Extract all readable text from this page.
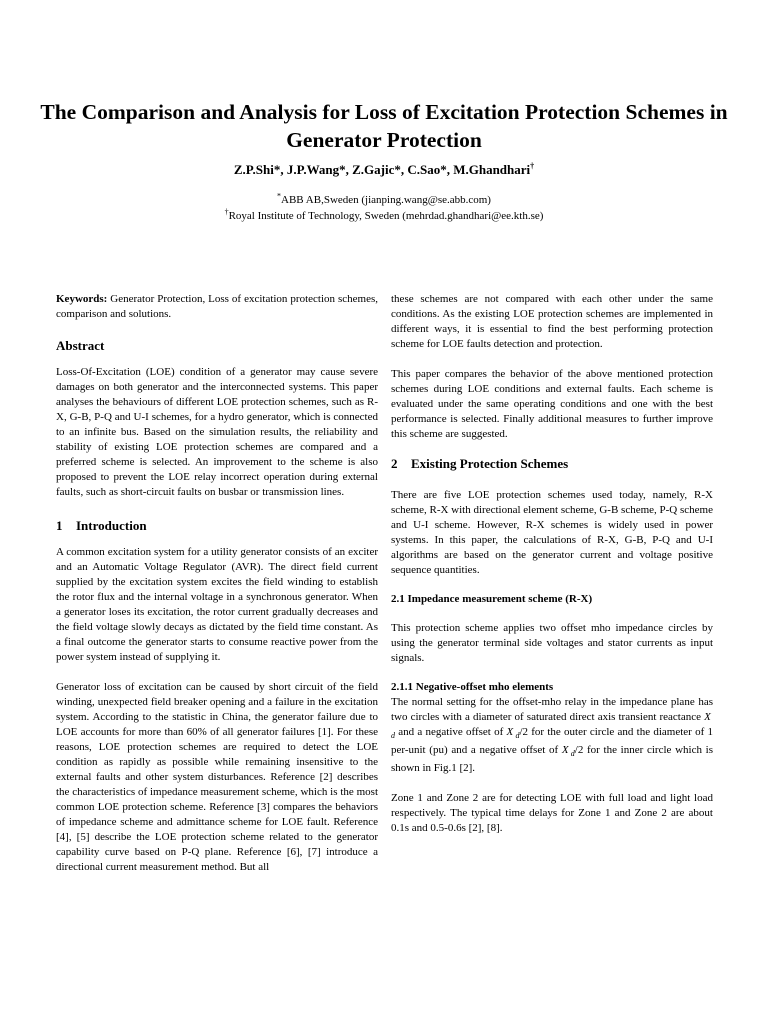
The Comparison and Analysis for Loss of Excitation Protection Schemes in Generator Protection
Z.P.Shi*, J.P.Wang*, Z.Gajic*, C.Sao*, M.Ghandhari†
*ABB AB,Sweden (jianping.wang@se.abb.com)
†Royal Institute of Technology, Sweden (mehrdad.ghandhari@ee.kth.se)

Keywords: Generator Protection, Loss of excitation protection schemes, comparison and solutions.

Abstract

Loss-Of-Excitation (LOE) condition of a generator may cause severe damages on both generator and the interconnected systems. This paper analyses the behaviours of different LOE protection schemes, such as R-X, G-B, P-Q and U-I schemes, for a hydro generator, which is connected to an infinite bus. Based on the simulation results, the reliability and stability of existing LOE protection schemes are compared and a preferred scheme is selected. An improvement to the scheme is also proposed to prevent the LOE relay incorrect operation during external faults, such as short-circuit faults on busbar or transmission lines.

1 Introduction

A common excitation system for a utility generator consists of an exciter and an Automatic Voltage Regulator (AVR). The direct field current supplied by the excitation system excites the field winding to establish the rotor flux and the internal voltage in a synchronous generator. When a generator loses its excitation, the rotor current gradually decreases and the field voltage slowly decays as dictated by the field time constant. As a final outcome the generator starts to consume reactive power from the power system instead of supplying it.

Generator loss of excitation can be caused by short circuit of the field winding, unexpected field breaker opening and a failure in the excitation system. According to the statistic in China, the generator failure due to LOE accounts for more than 60% of all generator failures [1]. For these reasons, LOE protection schemes are required to detect the LOE condition as rapidly as possible while remaining insensitive to the external faults and other system disturbances. Reference [2] describes the characteristics of impedance measurement scheme, which is the most common LOE protection scheme. Reference [3] compares the behaviors of impedance scheme and admittance scheme for LOE fault. Reference [4], [5] describe the LOE protection scheme related to the generator capability curve based on P-Q plane. Reference [6], [7] introduce a directional current measurement method. But all

these schemes are not compared with each other under the same conditions. As the existing LOE protection schemes are implemented in different ways, it is essential to find the best performing protection scheme for LOE faults detection and protection.

This paper compares the behavior of the above mentioned protection schemes during LOE conditions and external faults. Each scheme is evaluated under the same operating conditions and one with the best performance is selected. Finally additional measures to further improve this scheme are suggested.

2 Existing Protection Schemes

There are five LOE protection schemes used today, namely, R-X scheme, R-X with directional element scheme, G-B scheme, P-Q scheme and U-I scheme. However, R-X schemes is widely used in power systems. In this paper, the calculations of R-X, G-B, P-Q and U-I algorithms are based on the generator current and voltage positive sequence quantities.

2.1 Impedance measurement scheme (R-X)

This protection scheme applies two offset mho impedance circles by using the generator terminal side voltages and stator currents as input signals.

2.1.1 Negative-offset mho elements

The normal setting for the offset-mho relay in the impedance plane has two circles with a diameter of saturated direct axis transient reactance X $_d$ and a negative offset of X  $_d$/2 for the outer circle and the diameter of 1 per-unit (pu) and a negative offset of X  $_d$/2 for the inner circle which is shown in Fig.1 [2].

Zone 1 and Zone 2 are for detecting LOE with full load and light load respectively. The typical time delays for Zone 1 and Zone 2 are about 0.1s and 0.5-0.6s [2], [8].
